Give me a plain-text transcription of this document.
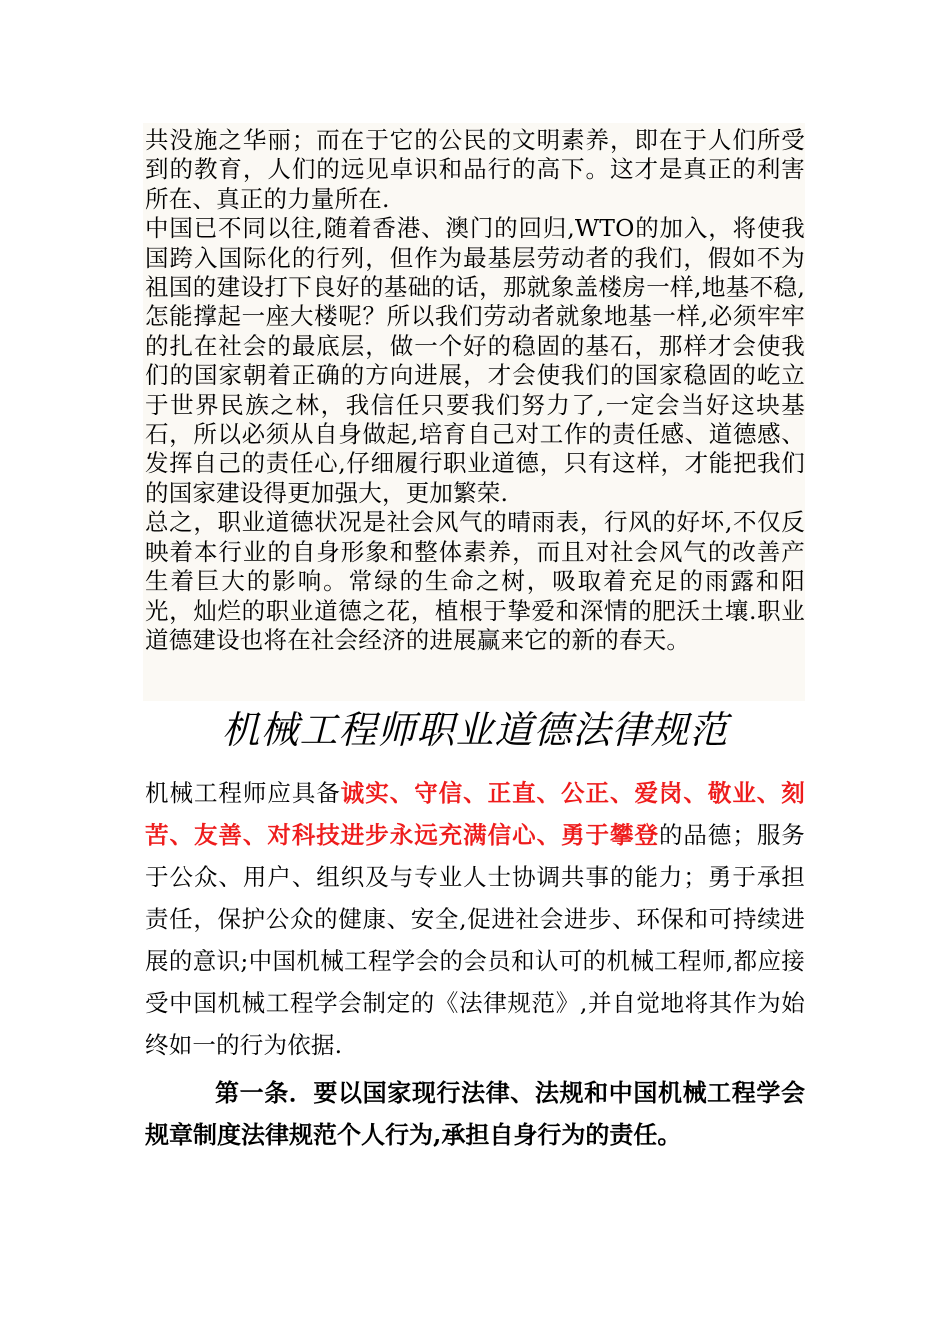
共没施之华丽；而在于它的公民的文明素养，即在于人们所受到的教育，人们的远见卓识和品行的高下。这才是真正的利害所在、真正的力量所在.

中国已不同以往,随着香港、澳门的回归,WTO的加入，将使我国跨入国际化的行列，但作为最基层劳动者的我们，假如不为祖国的建设打下良好的基础的话，那就象盖楼房一样,地基不稳,怎能撑起一座大楼呢？所以我们劳动者就象地基一样,必须牢牢的扎在社会的最底层，做一个好的稳固的基石，那样才会使我们的国家朝着正确的方向进展，才会使我们的国家稳固的屹立于世界民族之林，我信任只要我们努力了,一定会当好这块基石，所以必须从自身做起,培育自己对工作的责任感、道德感、发挥自己的责任心,仔细履行职业道德，只有这样，才能把我们的国家建设得更加强大，更加繁荣.

总之，职业道德状况是社会风气的晴雨表，行风的好坏,不仅反映着本行业的自身形象和整体素养，而且对社会风气的改善产生着巨大的影响。常绿的生命之树，吸取着充足的雨露和阳光，灿烂的职业道德之花，植根于挚爱和深情的肥沃土壤.职业道德建设也将在社会经济的进展赢来它的新的春天。

机械工程师职业道德法律规范

机械工程师应具备诚实、守信、正直、公正、爱岗、敬业、刻苦、友善、对科技进步永远充满信心、勇于攀登的品德；服务于公众、用户、组织及与专业人士协调共事的能力；勇于承担责任，保护公众的健康、安全,促进社会进步、环保和可持续进展的意识;中国机械工程学会的会员和认可的机械工程师,都应接受中国机械工程学会制定的《法律规范》,并自觉地将其作为始终如一的行为依据.

第一条．要以国家现行法律、法规和中国机械工程学会规章制度法律规范个人行为,承担自身行为的责任。
